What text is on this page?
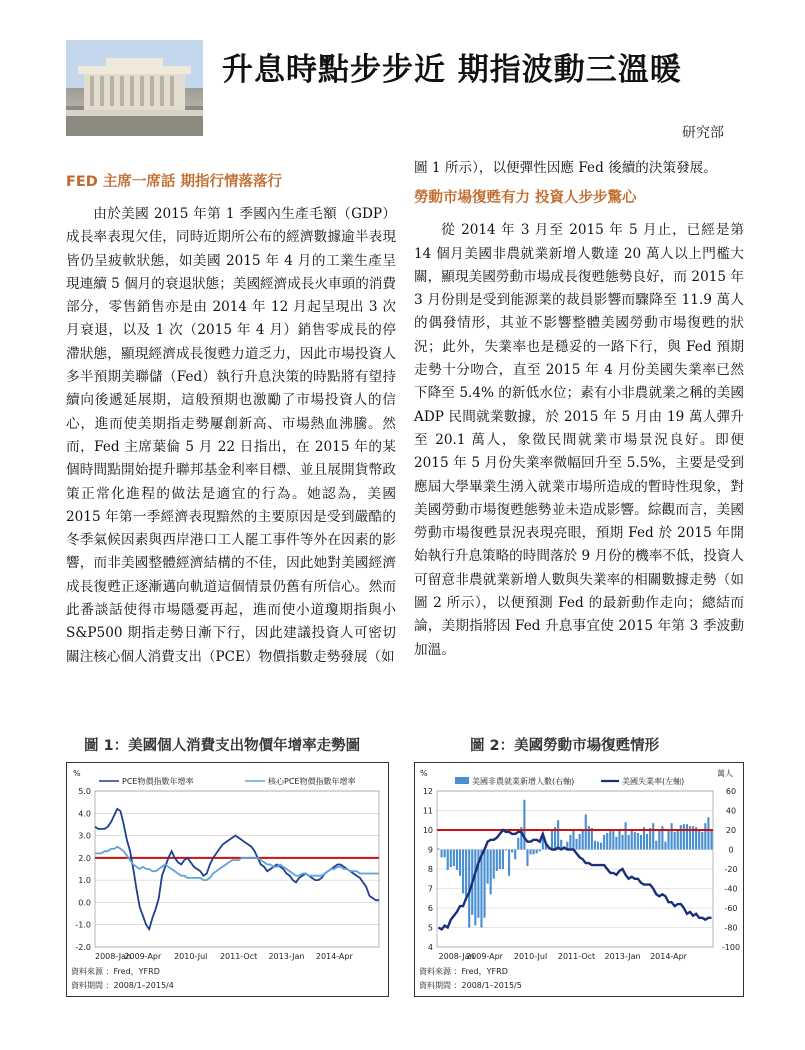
升息時點步步近 期指波動三溫暖
研究部
FED 主席一席話 期指行情落落行
由於美國 2015 年第 1 季國內生產毛額（GDP）成長率表現欠佳，同時近期所公布的經濟數據逾半表現皆仍呈疲軟狀態，如美國 2015 年 4 月的工業生產呈現連續 5 個月的衰退狀態；美國經濟成長火車頭的消費部分，零售銷售亦是由 2014 年 12 月起呈現出 3 次月衰退，以及 1 次（2015 年 4 月）銷售零成長的停滯狀態，顯現經濟成長復甦力道乏力，因此市場投資人多半預期美聯儲（Fed）執行升息決策的時點將有望持續向後遞延展期，這般預期也激勵了市場投資人的信心，進而使美期指走勢屢創新高、市場熱血沸騰。然而，Fed 主席葉倫 5 月 22 日指出，在 2015 年的某個時間點開始提升聯邦基金利率目標、並且展開貨幣政策正常化進程的做法是適宜的行為。她認為，美國 2015 年第一季經濟表現黯然的主要原因是受到嚴酷的冬季氣候因素與西岸港口工人罷工事件等外在因素的影響，而非美國整體經濟結構的不佳，因此她對美國經濟成長復甦正逐漸邁向軌道這個情景仍舊有所信心。然而此番談話使得市場隱憂再起，進而使小道瓊期指與小 S&P500 期指走勢日漸下行，因此建議投資人可密切關注核心個人消費支出（PCE）物價指數走勢發展（如
圖 1 所示），以便彈性因應 Fed 後續的決策發展。
勞動市場復甦有力 投資人步步驚心
從 2014 年 3 月至 2015 年 5 月止，已經是第 14 個月美國非農就業新增人數達 20 萬人以上門檻大關，顯現美國勞動市場成長復甦態勢良好，而 2015 年 3 月份則是受到能源業的裁員影響而驟降至 11.9 萬人的偶發情形，其並不影響整體美國勞動市場復甦的狀況；此外，失業率也是穩妥的一路下行，與 Fed 預期走勢十分吻合，直至 2015 年 4 月份美國失業率已然下降至 5.4% 的新低水位；素有小非農就業之稱的美國 ADP 民間就業數據，於 2015 年 5 月由 19 萬人彈升至 20.1 萬人，象徵民間就業市場景況良好。即便 2015 年 5 月份失業率微幅回升至 5.5%，主要是受到應屆大學畢業生湧入就業市場所造成的暫時性現象，對美國勞動市場復甦態勢並未造成影響。綜觀而言，美國勞動市場復甦景況表現亮眼，預期 Fed 於 2015 年開始執行升息策略的時間落於 9 月份的機率不低，投資人可留意非農就業新增人數與失業率的相關數據走勢（如圖 2 所示），以便預測 Fed 的最新動作走向；總結而論，美期指將因 Fed 升息事宜使 2015 年第 3 季波動加溫。
圖 1：美國個人消費支出物價年增率走勢圖	圖 2：美國勞動市場復甦情形
%
5.0
4.0
3.0
2.0
1.0
0.0
-1.0
-2.0
2008-Jan
2009-Apr 2010-Jul 2011-Oct 2013-Jan 2014-Apr
PCE物價指數年增率	核心PCE物價指數年增率
資料來源 ：Fred，YFRD
資料期間 ：2008/1–2015/4
%	萬人
12
11
10
9
8
7
6
5
4
60
40
20
0
-20
-40
-60
-80
-100
2008-Jan
2009-Apr 2010-Jul 2011-Oct 2013-Jan 2014-Apr
美國非農就業新增人數(右軸)	美國失業率(左軸)
資料來源 ：Fred，YFRD
資料期間 ：2008/1–2015/5
